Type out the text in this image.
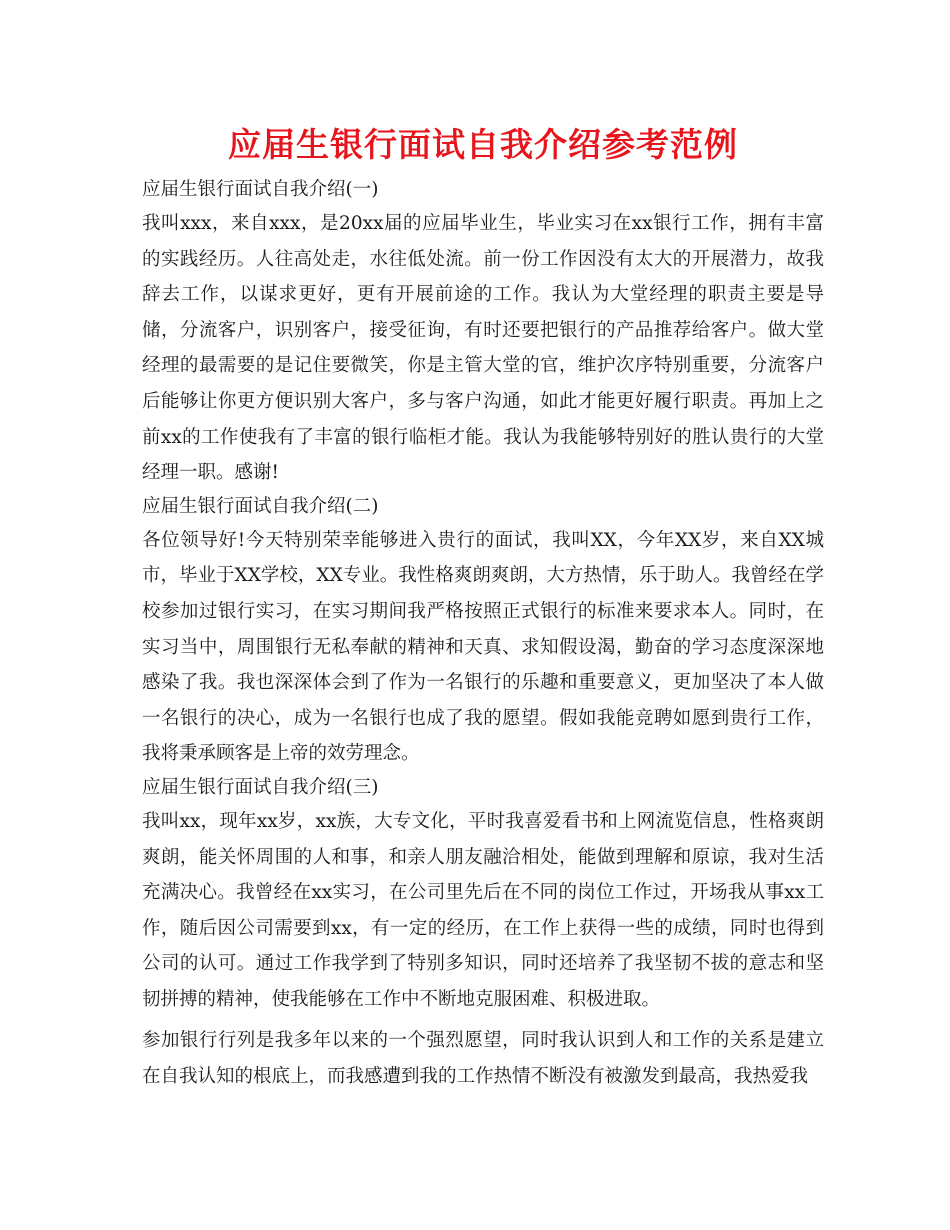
应届生银行面试自我介绍参考范例

应届生银行面试自我介绍(一)

我叫xxx，来自xxx，是20xx届的应届毕业生，毕业实习在xx银行工作，拥有丰富的实践经历。人往高处走，水往低处流。前一份工作因没有太大的开展潜力，故我辞去工作，以谋求更好，更有开展前途的工作。我认为大堂经理的职责主要是导储，分流客户，识别客户，接受征询，有时还要把银行的产品推荐给客户。做大堂经理的最需要的是记住要微笑，你是主管大堂的官，维护次序特别重要，分流客户后能够让你更方便识别大客户，多与客户沟通，如此才能更好履行职责。再加上之前xx的工作使我有了丰富的银行临柜才能。我认为我能够特别好的胜认贵行的大堂经理一职。感谢!

应届生银行面试自我介绍(二)

各位领导好!今天特别荣幸能够进入贵行的面试，我叫XX，今年XX岁，来自XX城市，毕业于XX学校，XX专业。我性格爽朗爽朗，大方热情，乐于助人。我曾经在学校参加过银行实习，在实习期间我严格按照正式银行的标准来要求本人。同时，在实习当中，周围银行无私奉献的精神和天真、求知假设渴，勤奋的学习态度深深地感染了我。我也深深体会到了作为一名银行的乐趣和重要意义，更加坚决了本人做一名银行的决心，成为一名银行也成了我的愿望。假如我能竞聘如愿到贵行工作，我将秉承顾客是上帝的效劳理念。

应届生银行面试自我介绍(三)

我叫xx，现年xx岁，xx族，大专文化，平时我喜爱看书和上网流览信息，性格爽朗爽朗，能关怀周围的人和事，和亲人朋友融洽相处，能做到理解和原谅，我对生活充满决心。我曾经在xx实习，在公司里先后在不同的岗位工作过，开场我从事xx工作，随后因公司需要到xx，有一定的经历，在工作上获得一些的成绩，同时也得到公司的认可。通过工作我学到了特别多知识，同时还培养了我坚韧不拔的意志和坚韧拼搏的精神，使我能够在工作中不断地克服困难、积极进取。

参加银行行列是我多年以来的一个强烈愿望，同时我认识到人和工作的关系是建立在自我认知的根底上，而我感遭到我的工作热情不断没有被激发到最高，我热爱我
